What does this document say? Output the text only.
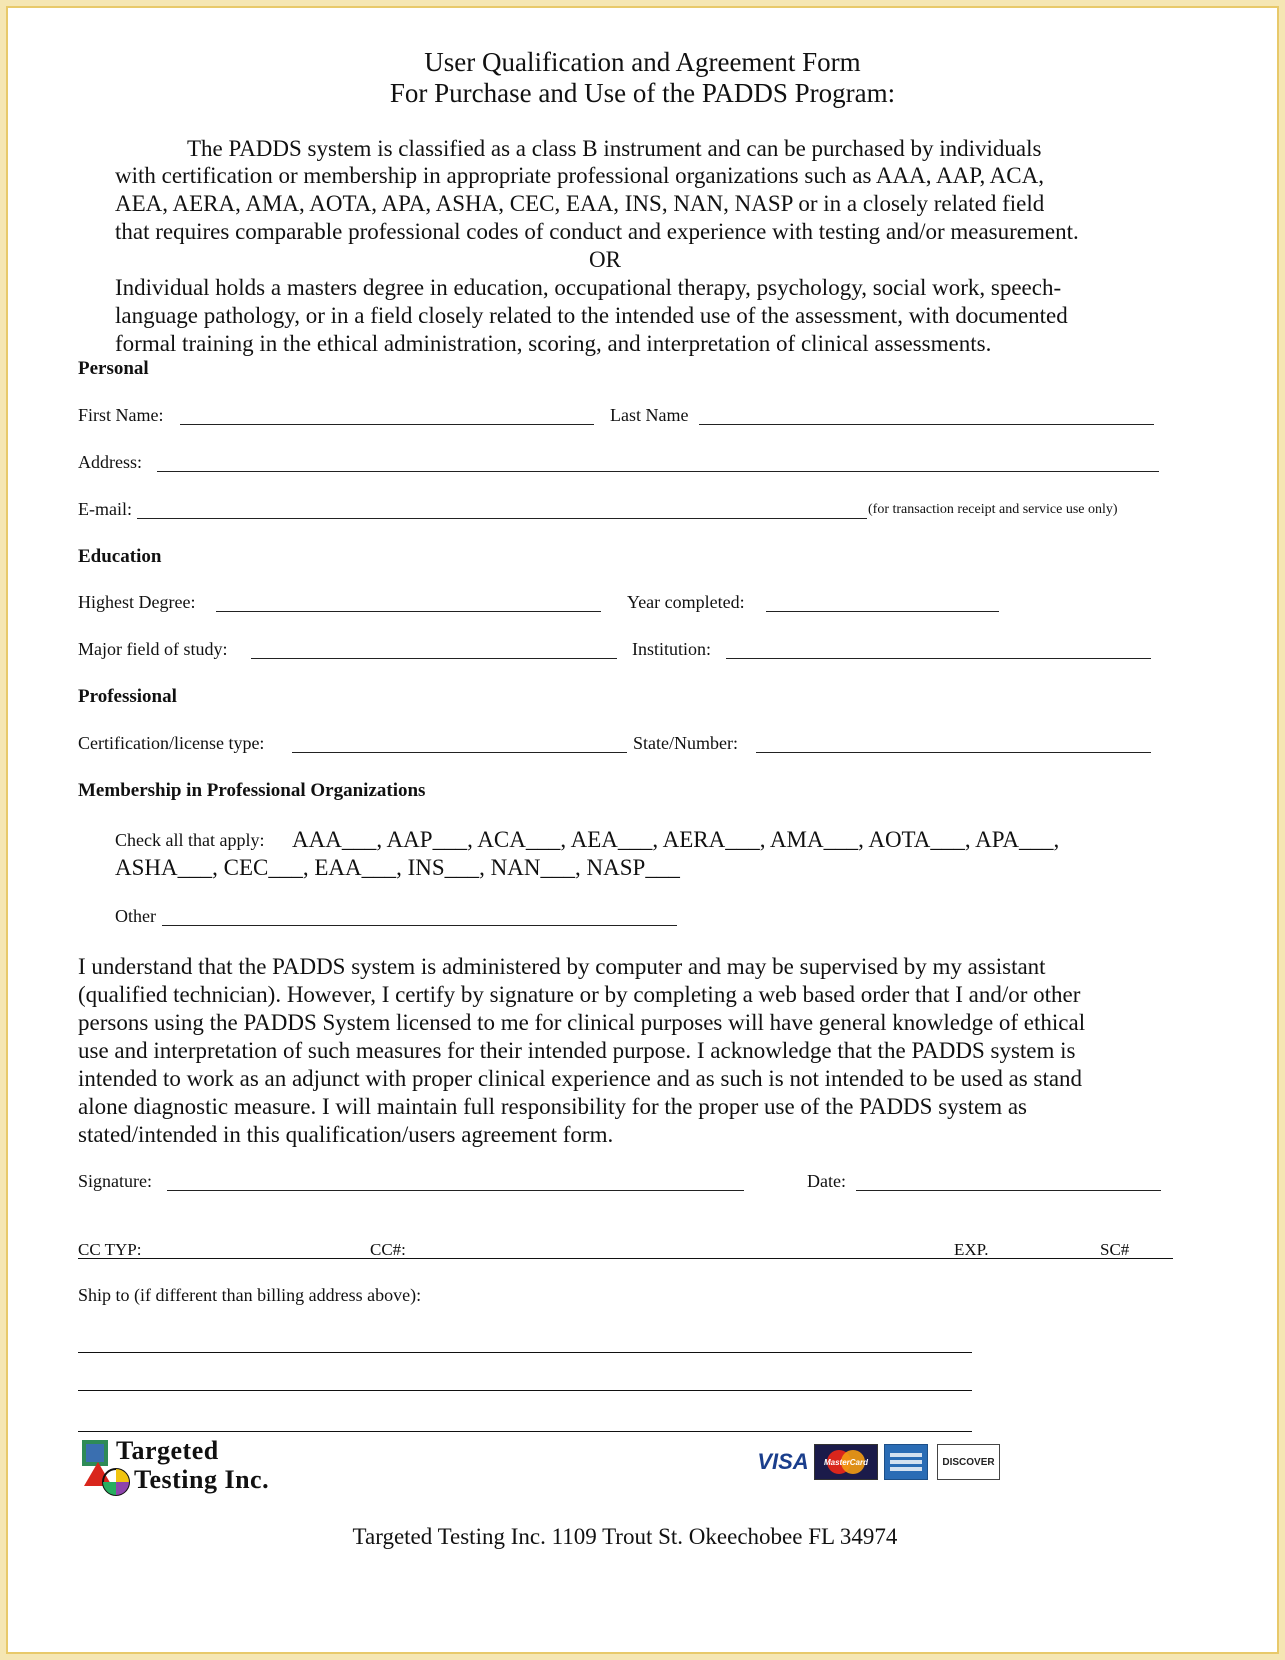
User Qualification and Agreement Form
For Purchase and Use of the PADDS Program:
The PADDS system is classified as a class B instrument and can be purchased by individuals
with certification or membership in appropriate professional organizations such as AAA, AAP, ACA,
AEA, AERA, AMA, AOTA, APA, ASHA, CEC, EAA, INS, NAN, NASP or in a closely related field
that requires comparable professional codes of conduct and experience with testing and/or measurement.
OR
Individual holds a masters degree in education, occupational therapy, psychology, social work, speech-
language pathology, or in a field closely related to the intended use of the assessment, with documented
formal training in the ethical administration, scoring, and interpretation of clinical assessments.
Personal
First Name:	Last Name
Address:
E-mail:	(for transaction receipt and service use only)
Education
Highest Degree:	Year completed:
Major field of study:	Institution:
Professional
Certification/license type:	State/Number:
Membership in Professional Organizations
Check all that apply: AAA___, AAP___, ACA___, AEA___, AERA___, AMA___, AOTA___, APA___,
ASHA___, CEC___, EAA___, INS___, NAN___, NASP___
Other
I understand that the PADDS system is administered by computer and may be supervised by my assistant
(qualified technician). However, I certify by signature or by completing a web based order that I and/or other
persons using the PADDS System licensed to me for clinical purposes will have general knowledge of ethical
use and interpretation of such measures for their intended purpose. I acknowledge that the PADDS system is
intended to work as an adjunct with proper clinical experience and as such is not intended to be used as stand
alone diagnostic measure. I will maintain full responsibility for the proper use of the PADDS system as
stated/intended in this qualification/users agreement form.
Signature:	Date:
CC TYP:	CC#:	EXP.	SC#
Ship to (if different than billing address above):
Targeted
Testing Inc.
VISA MasterCard	DISCOVER
Targeted Testing Inc. 1109 Trout St. Okeechobee FL 34974
